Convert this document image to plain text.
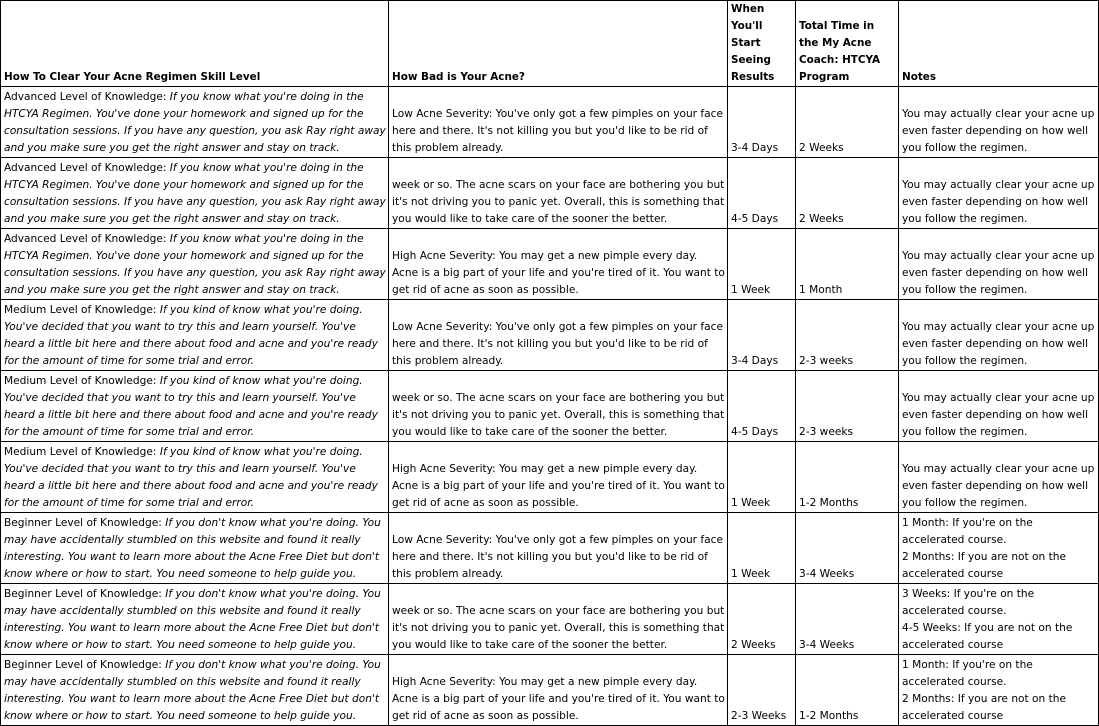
How To Clear Your Acne Regimen Skill Level	How Bad is Your Acne?	When You'll Start Seeing Results	Total Time in the My Acne Coach: HTCYA Program	Notes

Advanced Level of Knowledge: If you know what you're doing in the HTCYA Regimen. You've done your homework and signed up for the consultation sessions. If you have any question, you ask Ray right away and you make sure you get the right answer and stay on track.	Low Acne Severity: You've only got a few pimples on your face here and there. It's not killing you but you'd like to be rid of this problem already.	3-4 Days	2 Weeks	You may actually clear your acne up even faster depending on how well you follow the regimen.

Advanced Level of Knowledge: If you know what you're doing in the HTCYA Regimen. You've done your homework and signed up for the consultation sessions. If you have any question, you ask Ray right away and you make sure you get the right answer and stay on track.	week or so. The acne scars on your face are bothering you but it's not driving you to panic yet. Overall, this is something that you would like to take care of the sooner the better.	4-5 Days	2 Weeks	You may actually clear your acne up even faster depending on how well you follow the regimen.

Advanced Level of Knowledge: If you know what you're doing in the HTCYA Regimen. You've done your homework and signed up for the consultation sessions. If you have any question, you ask Ray right away and you make sure you get the right answer and stay on track.	High Acne Severity: You may get a new pimple every day. Acne is a big part of your life and you're tired of it. You want to get rid of acne as soon as possible.	1 Week	1 Month	You may actually clear your acne up even faster depending on how well you follow the regimen.

Medium Level of Knowledge: If you kind of know what you're doing. You've decided that you want to try this and learn yourself. You've heard a little bit here and there about food and acne and you're ready for the amount of time for some trial and error.	Low Acne Severity: You've only got a few pimples on your face here and there. It's not killing you but you'd like to be rid of this problem already.	3-4 Days	2-3 weeks	You may actually clear your acne up even faster depending on how well you follow the regimen.

Medium Level of Knowledge: If you kind of know what you're doing. You've decided that you want to try this and learn yourself. You've heard a little bit here and there about food and acne and you're ready for the amount of time for some trial and error.	week or so. The acne scars on your face are bothering you but it's not driving you to panic yet. Overall, this is something that you would like to take care of the sooner the better.	4-5 Days	2-3 weeks	You may actually clear your acne up even faster depending on how well you follow the regimen.

Medium Level of Knowledge: If you kind of know what you're doing. You've decided that you want to try this and learn yourself. You've heard a little bit here and there about food and acne and you're ready for the amount of time for some trial and error.	High Acne Severity: You may get a new pimple every day. Acne is a big part of your life and you're tired of it. You want to get rid of acne as soon as possible.	1 Week	1-2 Months	You may actually clear your acne up even faster depending on how well you follow the regimen.

Beginner Level of Knowledge: If you don't know what you're doing. You may have accidentally stumbled on this website and found it really interesting. You want to learn more about the Acne Free Diet but don't know where or how to start. You need someone to help guide you.	Low Acne Severity: You've only got a few pimples on your face here and there. It's not killing you but you'd like to be rid of this problem already.	1 Week	3-4 Weeks	1 Month: If you're on the accelerated course.
2 Months: If you are not on the accelerated course

Beginner Level of Knowledge: If you don't know what you're doing. You may have accidentally stumbled on this website and found it really interesting. You want to learn more about the Acne Free Diet but don't know where or how to start. You need someone to help guide you.	week or so. The acne scars on your face are bothering you but it's not driving you to panic yet. Overall, this is something that you would like to take care of the sooner the better.	2 Weeks	3-4 Weeks	3 Weeks: If you're on the accelerated course.
4-5 Weeks: If you are not on the accelerated course

Beginner Level of Knowledge: If you don't know what you're doing. You may have accidentally stumbled on this website and found it really interesting. You want to learn more about the Acne Free Diet but don't know where or how to start. You need someone to help guide you.	High Acne Severity: You may get a new pimple every day. Acne is a big part of your life and you're tired of it. You want to get rid of acne as soon as possible.	2-3 Weeks	1-2 Months	1 Month: If you're on the accelerated course.
2 Months: If you are not on the accelerated course
